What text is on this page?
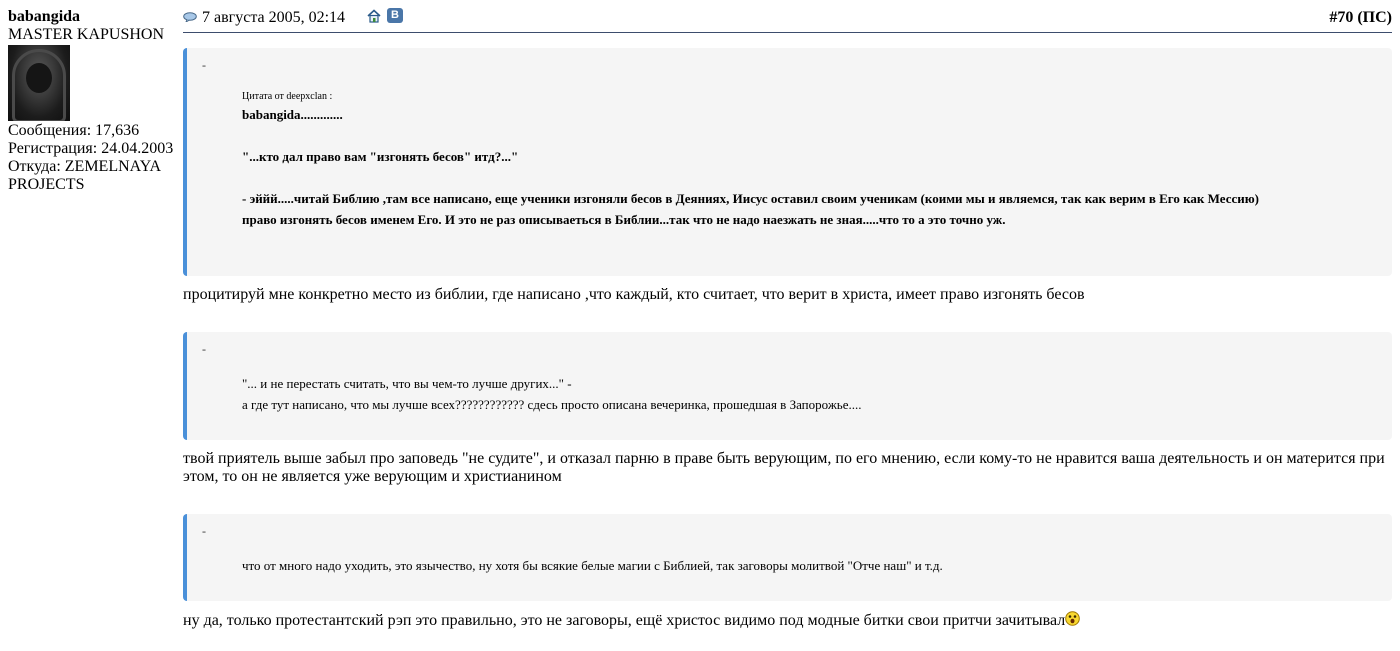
babangida
MASTER KAPUSHON
Сообщения: 17,636
Регистрация: 24.04.2003
Откуда: ZEMELNAYA
PROJECTS
7 августа 2005, 02:14	В	#70 (ПС)
-
Цитата от deepxclan :
babangida.............
"...кто дал право вам "изгонять бесов" итд?..."
- эййй.....читай Библию ,там все написано, еще ученики изгоняли бесов в Деяниях, Иисус оставил своим ученикам (коими мы и являемся, так как верим в Его как Мессию) право изгонять бесов именем Его. И это не раз описываеться в Библии...так что не надо наезжать не зная.....что то а это точно уж.
процитируй мне конкретно место из библии, где написано ,что каждый, кто считает, что верит в христа, имеет право изгонять бесов
-
"... и не перестать считать, что вы чем-то лучше других..." -
а где тут написано, что мы лучше всех???????????? сдесь просто описана вечеринка, прошедшая в Запорожье....
твой приятель выше забыл про заповедь "не судите", и отказал парню в праве быть верующим, по его мнению, если кому-то не нравится ваша деятельность и он матерится при этом, то он не является уже верующим и христианином
-
что от много надо уходить, это язычество, ну хотя бы всякие белые магии с Библией, так заговоры молитвой "Отче наш" и т.д.
ну да, только протестантский рэп это правильно, это не заговоры, ещё христос видимо под модные битки свои притчи зачитывал
